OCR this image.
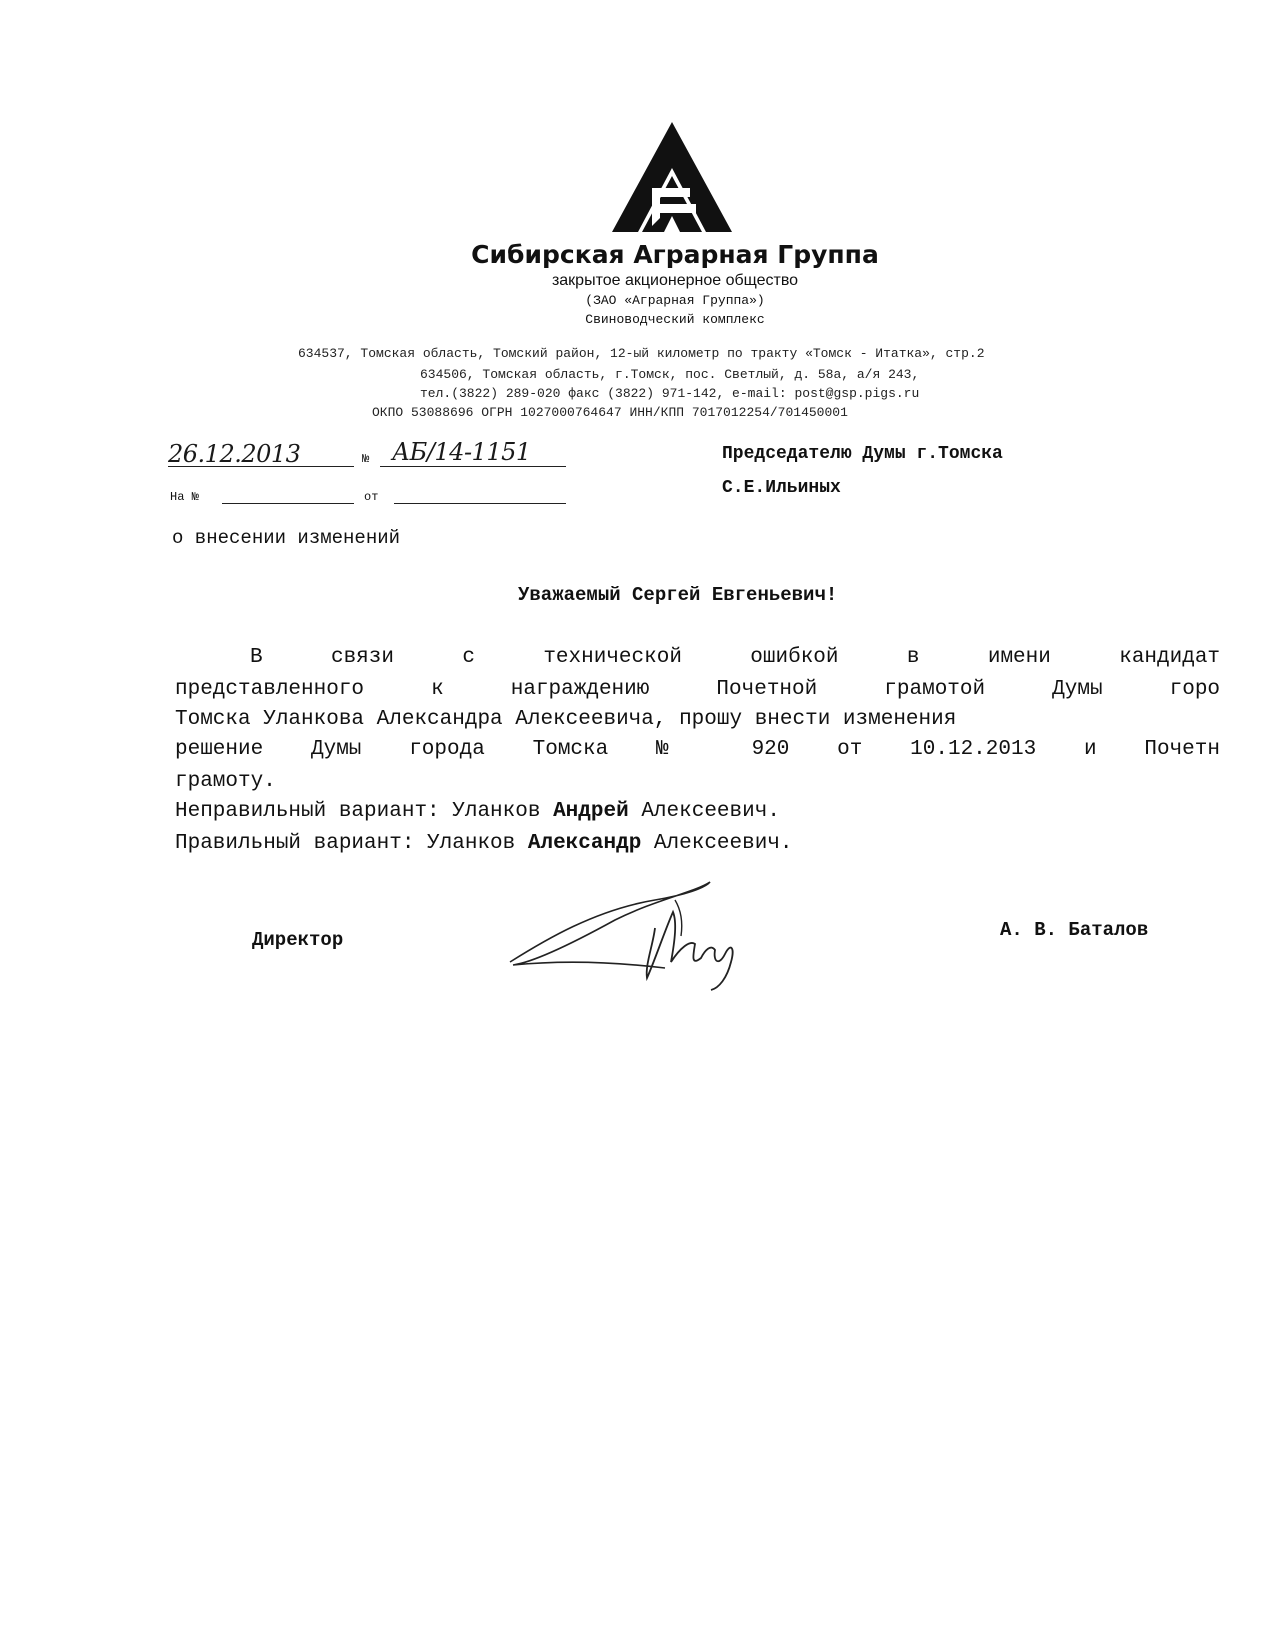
Сибирская Аграрная Группа
закрытое акционерное общество
(ЗАО «Аграрная Группа»)
Свиноводческий комплекс
634537, Томская область, Томский район, 12-ый километр по тракту «Томск - Итатка», стр.2
634506, Томская область, г.Томск, пос. Светлый, д. 58а, а/я 243,
тел.(3822) 289-020 факс (3822) 971-142, e-mail: post@gsp.pigs.ru
ОКПО 53088696 ОГРН 1027000764647 ИНН/КПП 7017012254/701450001
26.12.2013	№ АБ/14-1151
На №	от
Председателю Думы г.Томска
С.Е.Ильиных
о внесении изменений
Уважаемый Сергей Евгеньевич!
В	связи	с	технической	ошибкой	в	имени	кандидат
представленного	к	награждению	Почетной	грамотой	Думы	горо
Томска Уланкова Александра Алексеевича, прошу внести изменения
решение Думы города Томска № 920 от 10.12.2013 и Почетн
грамоту.
Неправильный вариант: Уланков Андрей Алексеевич.
Правильный вариант: Уланков Александр Алексеевич.
Директор	А. В. Баталов
